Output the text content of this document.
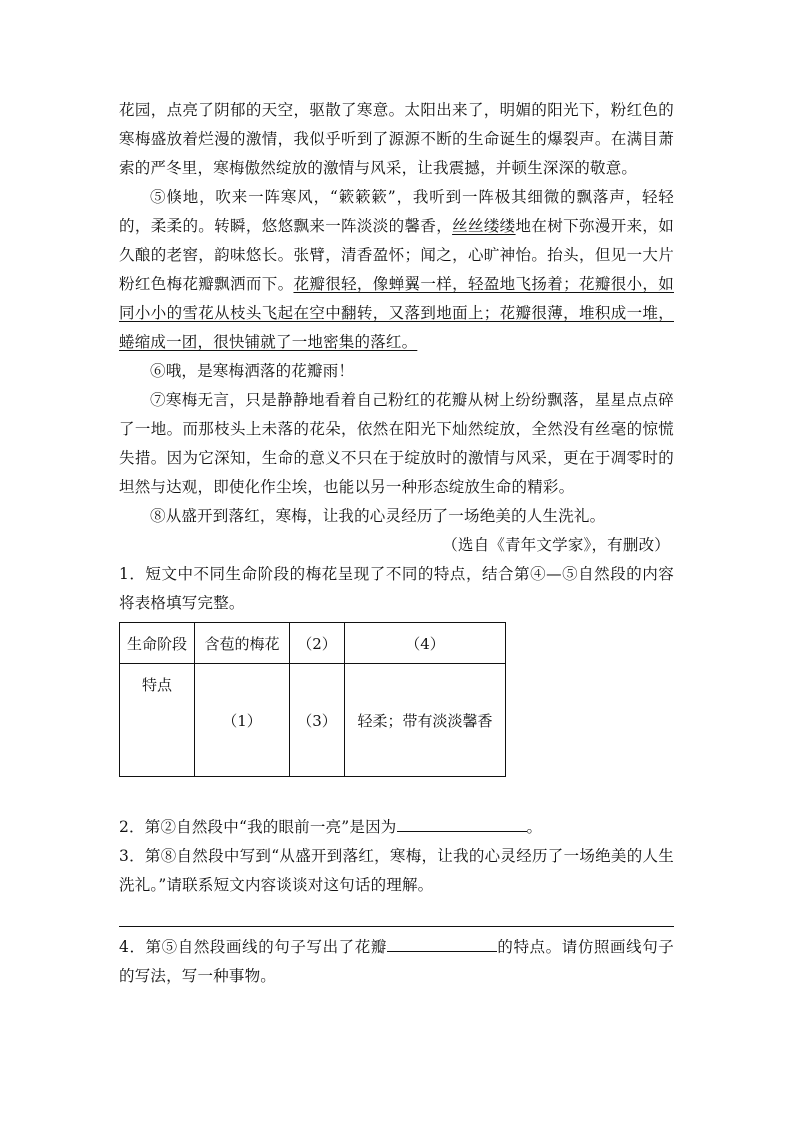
花园，点亮了阴郁的天空，驱散了寒意。太阳出来了，明媚的阳光下，粉红色的寒梅盛放着烂漫的激情，我似乎听到了源源不断的生命诞生的爆裂声。在满目萧索的严冬里，寒梅傲然绽放的激情与风采，让我震撼，并顿生深深的敬意。

⑤倏地，吹来一阵寒风，“簌簌簌”，我听到一阵极其细微的飘落声，轻轻的，柔柔的。转瞬，悠悠飘来一阵淡淡的馨香，丝丝缕缕地在树下弥漫开来，如久酿的老窖，韵味悠长。张臂，清香盈怀；闻之，心旷神怡。抬头，但见一大片粉红色梅花瓣飘洒而下。花瓣很轻，像蝉翼一样，轻盈地飞扬着；花瓣很小，如同小小的雪花从枝头飞起在空中翻转，又落到地面上；花瓣很薄，堆积成一堆，蜷缩成一团，很快铺就了一地密集的落红。

⑥哦，是寒梅洒落的花瓣雨！

⑦寒梅无言，只是静静地看着自己粉红的花瓣从树上纷纷飘落，星星点点碎了一地。而那枝头上未落的花朵，依然在阳光下灿然绽放，全然没有丝毫的惊慌失措。因为它深知，生命的意义不只在于绽放时的激情与风采，更在于凋零时的坦然与达观，即使化作尘埃，也能以另一种形态绽放生命的精彩。

⑧从盛开到落红，寒梅，让我的心灵经历了一场绝美的人生洗礼。

（选自《青年文学家》，有删改）

1．短文中不同生命阶段的梅花呈现了不同的特点，结合第④—⑤自然段的内容将表格填写完整。

生命阶段	含苞的梅花	（2）	（4）
特点	（1）	（3）	轻柔；带有淡淡馨香

2．第②自然段中“我的眼前一亮”是因为	。

3．第⑧自然段中写到“从盛开到落红，寒梅，让我的心灵经历了一场绝美的人生洗礼。”请联系短文内容谈谈对这句话的理解。

4．第⑤自然段画线的句子写出了花瓣	的特点。请仿照画线句子的写法，写一种事物。
